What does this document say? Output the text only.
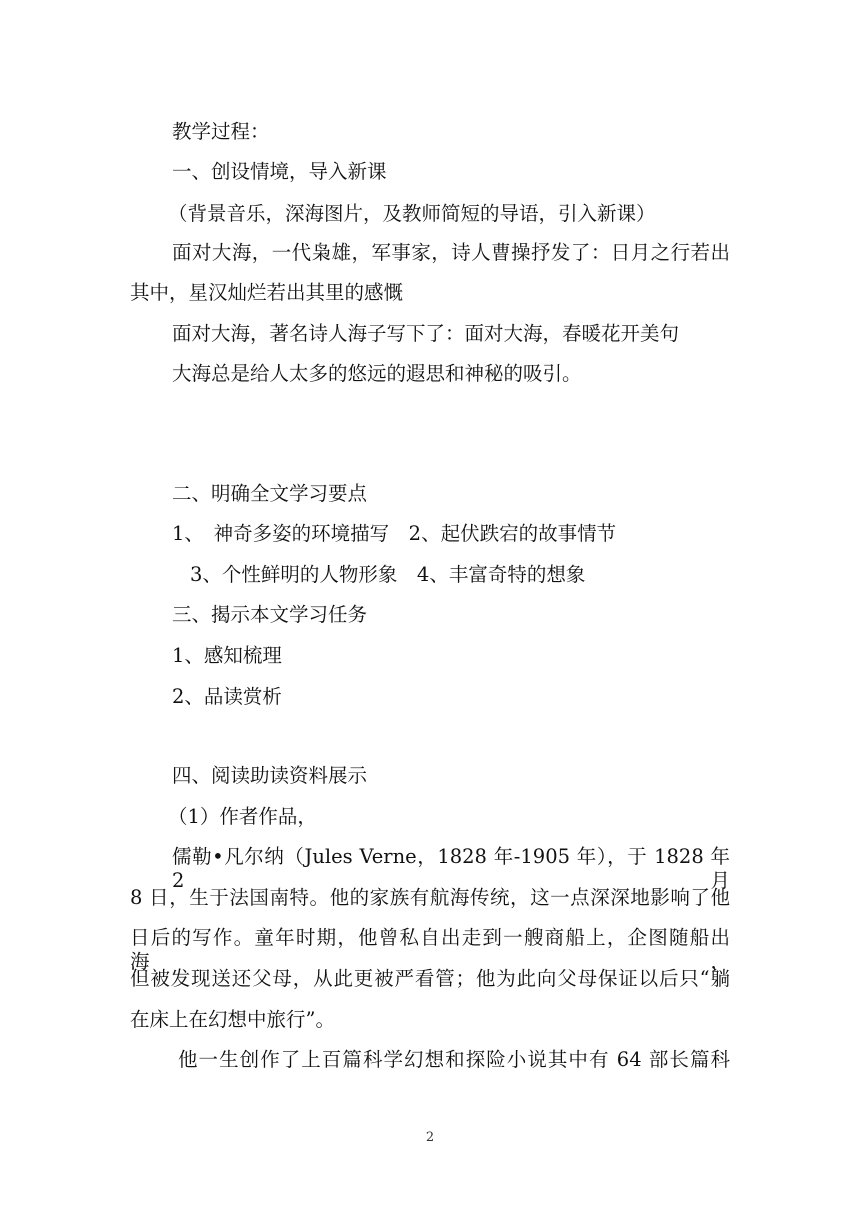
教学过程：
一、创设情境，导入新课
（背景音乐，深海图片，及教师简短的导语，引入新课）
面对大海，一代枭雄，军事家，诗人曹操抒发了：日月之行若出
其中，星汉灿烂若出其里的感慨
面对大海，著名诗人海子写下了：面对大海，春暖花开美句
大海总是给人太多的悠远的遐思和神秘的吸引。
二、明确全文学习要点
1、　神奇多姿的环境描写　2、起伏跌宕的故事情节
3、个性鲜明的人物形象　4、丰富奇特的想象
三、揭示本文学习任务
1、感知梳理
2、品读赏析
四、阅读助读资料展示
（1）作者作品，
儒勒•凡尔纳（Jules Verne，1828 年-1905 年），于 1828 年 2 月
8 日，生于法国南特。他的家族有航海传统，这一点深深地影响了他
日后的写作。童年时期，他曾私自出走到一艘商船上，企图随船出海，
但被发现送还父母，从此更被严看管；他为此向父母保证以后只“躺
在床上在幻想中旅行”。
他一生创作了上百篇科学幻想和探险小说其中有 64 部长篇科
2
